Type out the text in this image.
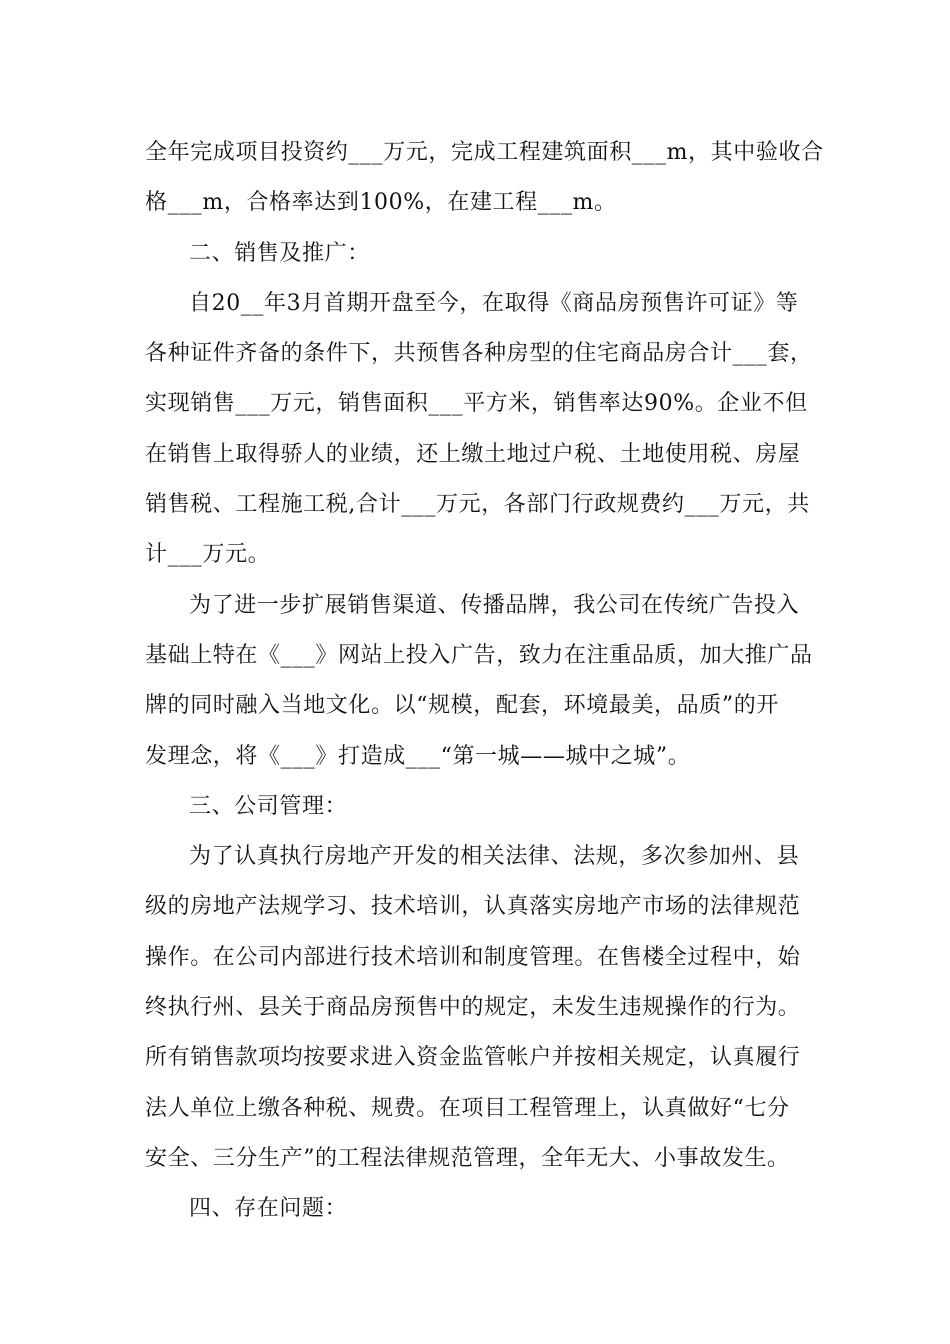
全年完成项目投资约___万元，完成工程建筑面积___m，其中验收合
格___m，合格率达到100%，在建工程___m。
二、销售及推广：
自20__年3月首期开盘至今，在取得《商品房预售许可证》等
各种证件齐备的条件下，共预售各种房型的住宅商品房合计___套，
实现销售___万元，销售面积___平方米，销售率达90%。企业不但
在销售上取得骄人的业绩，还上缴土地过户税、土地使用税、房屋
销售税、工程施工税,合计___万元，各部门行政规费约___万元，共
计___万元。
为了进一步扩展销售渠道、传播品牌，我公司在传统广告投入
基础上特在《___》网站上投入广告，致力在注重品质，加大推广品
牌的同时融入当地文化。以“规模，配套，环境最美，品质”的开
发理念，将《___》打造成___“第一城——城中之城”。
三、公司管理：
为了认真执行房地产开发的相关法律、法规，多次参加州、县
级的房地产法规学习、技术培训，认真落实房地产市场的法律规范
操作。在公司内部进行技术培训和制度管理。在售楼全过程中，始
终执行州、县关于商品房预售中的规定，未发生违规操作的行为。
所有销售款项均按要求进入资金监管帐户并按相关规定，认真履行
法人单位上缴各种税、规费。在项目工程管理上，认真做好“七分
安全、三分生产”的工程法律规范管理，全年无大、小事故发生。
四、存在问题：
